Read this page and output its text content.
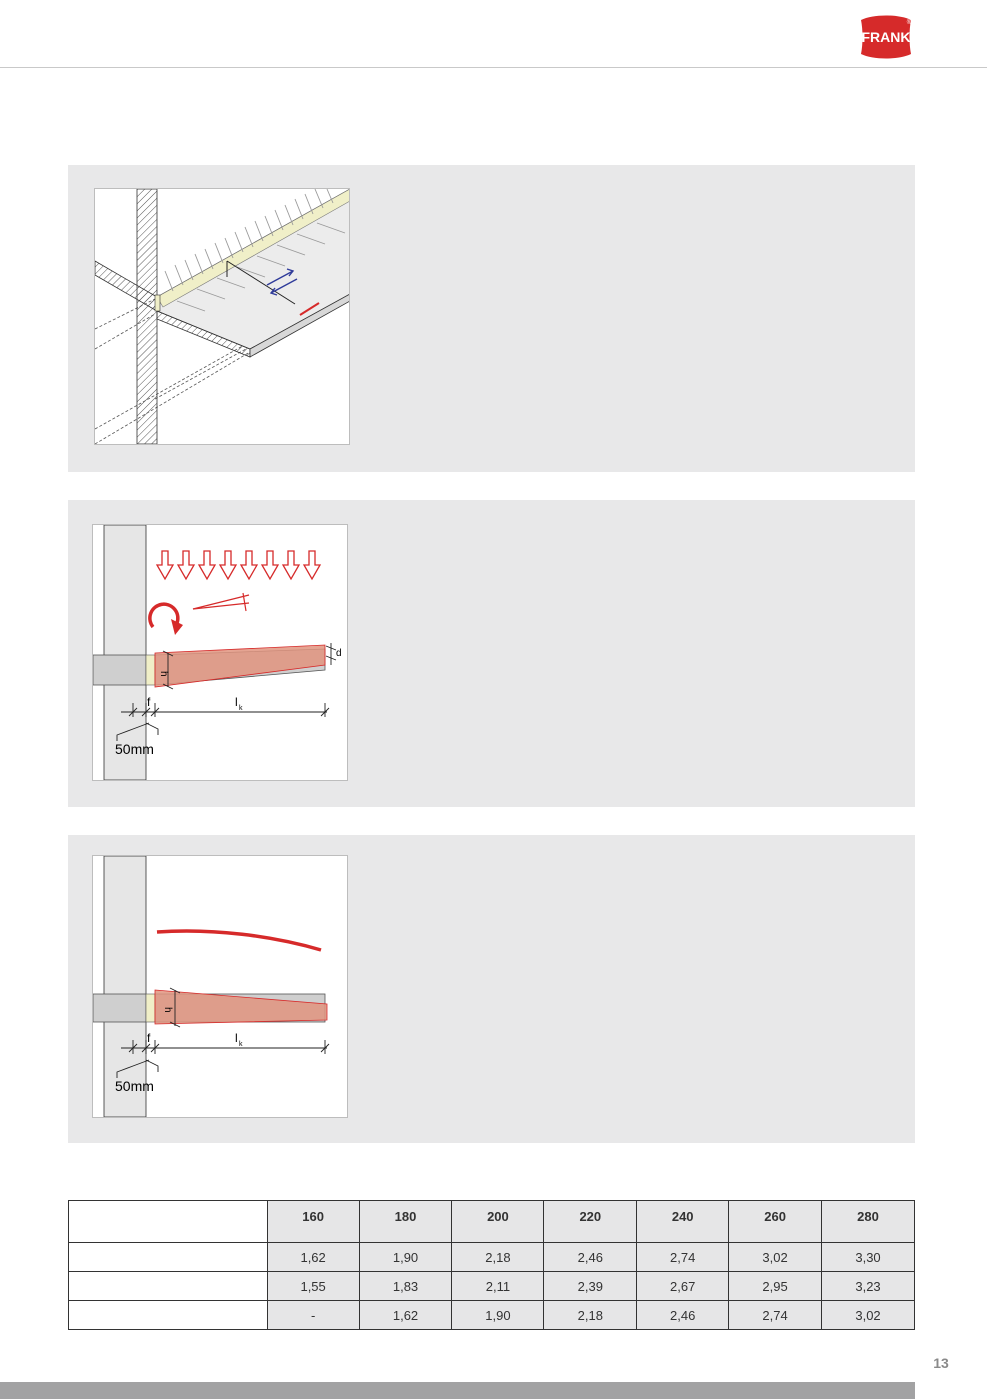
FRANK
®
h
d
f	l k
50mm
h
f	l k
50mm
	160	180	200	220	240	260	280
	1,62	1,90	2,18	2,46	2,74	3,02	3,30
	1,55	1,83	2,11	2,39	2,67	2,95	3,23
	-	1,62	1,90	2,18	2,46	2,74	3,02
13
